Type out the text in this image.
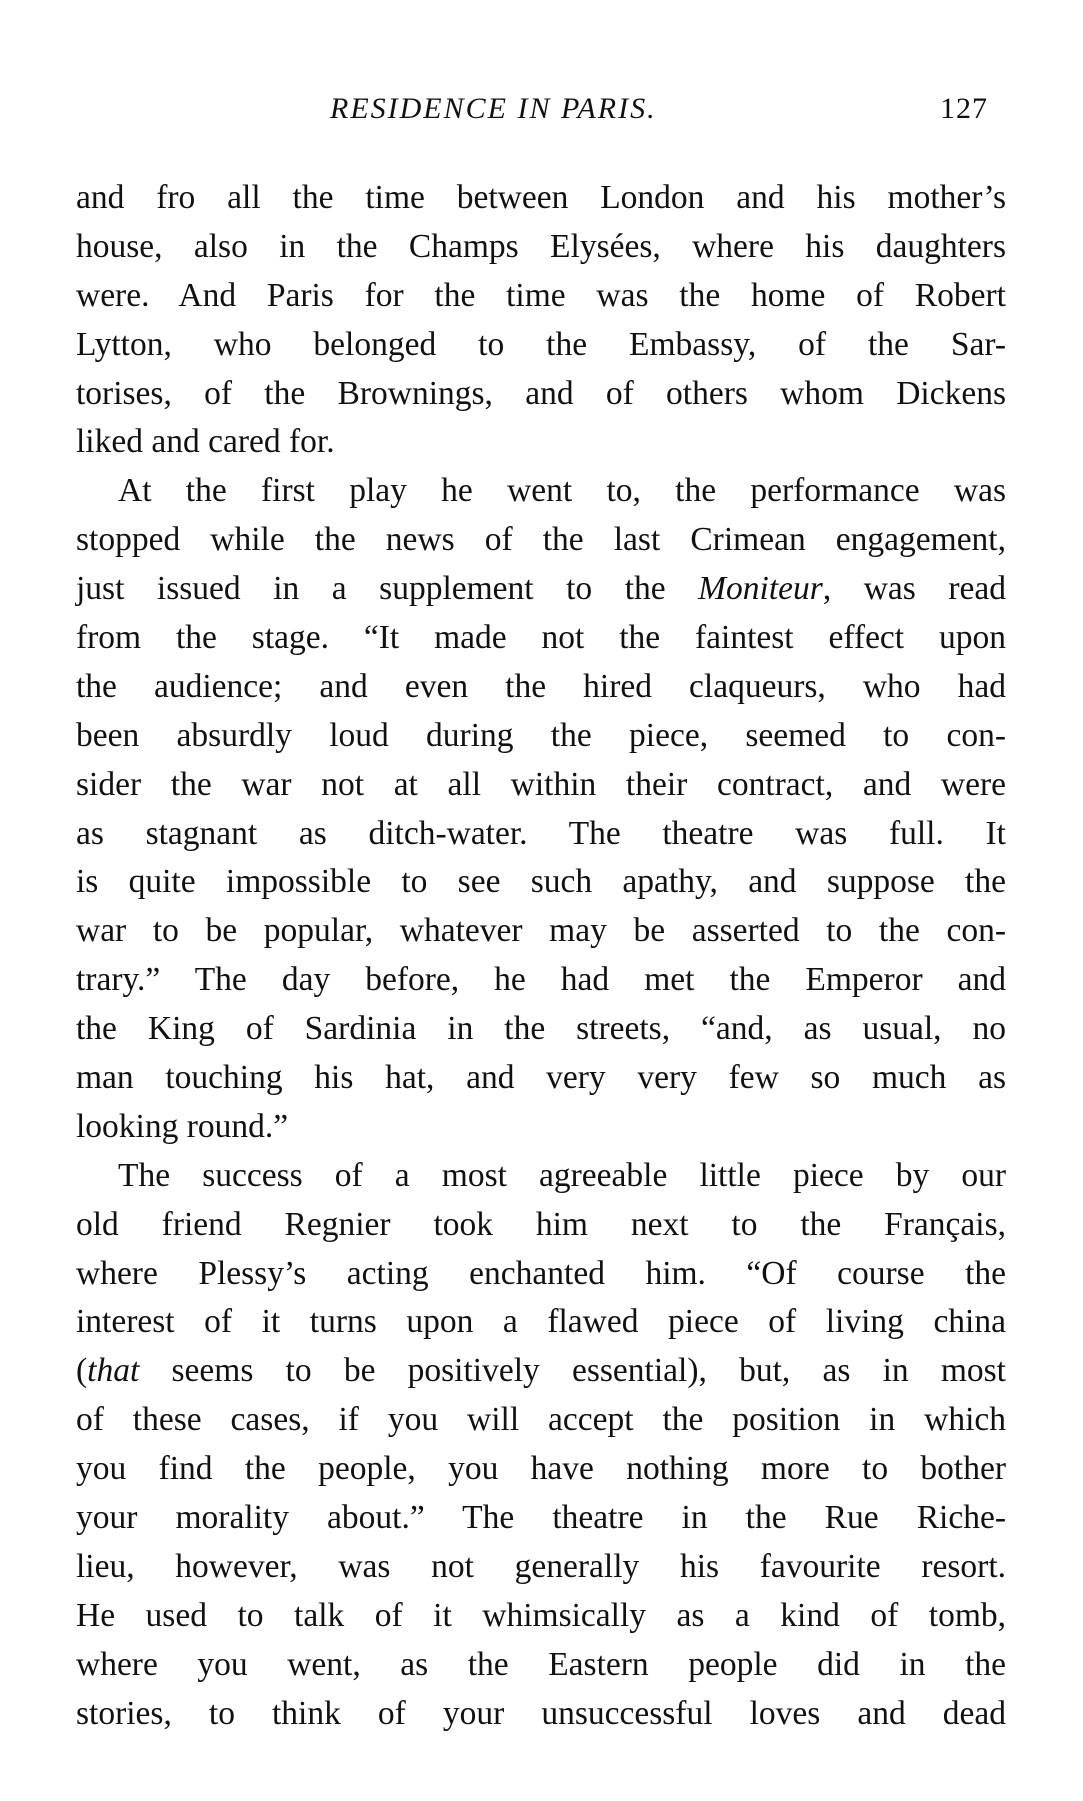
RESIDENCE IN PARIS.	127
and fro all the time between London and his mother’s
house, also in the Champs Elysées, where his daughters
were. And Paris for the time was the home of Robert
Lytton, who belonged to the Embassy, of the Sar-
torises, of the Brownings, and of others whom Dickens
liked and cared for.
At the first play he went to, the performance was
stopped while the news of the last Crimean engagement,
just issued in a supplement to the Moniteur, was read
from the stage. “It made not the faintest effect upon
the audience; and even the hired claqueurs, who had
been absurdly loud during the piece, seemed to con-
sider the war not at all within their contract, and were
as stagnant as ditch-water. The theatre was full. It
is quite impossible to see such apathy, and suppose the
war to be popular, whatever may be asserted to the con-
trary.” The day before, he had met the Emperor and
the King of Sardinia in the streets, “and, as usual, no
man touching his hat, and very very few so much as
looking round.”
The success of a most agreeable little piece by our
old friend Regnier took him next to the Français,
where Plessy’s acting enchanted him. “Of course the
interest of it turns upon a flawed piece of living china
(that seems to be positively essential), but, as in most
of these cases, if you will accept the position in which
you find the people, you have nothing more to bother
your morality about.” The theatre in the Rue Riche-
lieu, however, was not generally his favourite resort.
He used to talk of it whimsically as a kind of tomb,
where you went, as the Eastern people did in the
stories, to think of your unsuccessful loves and dead
